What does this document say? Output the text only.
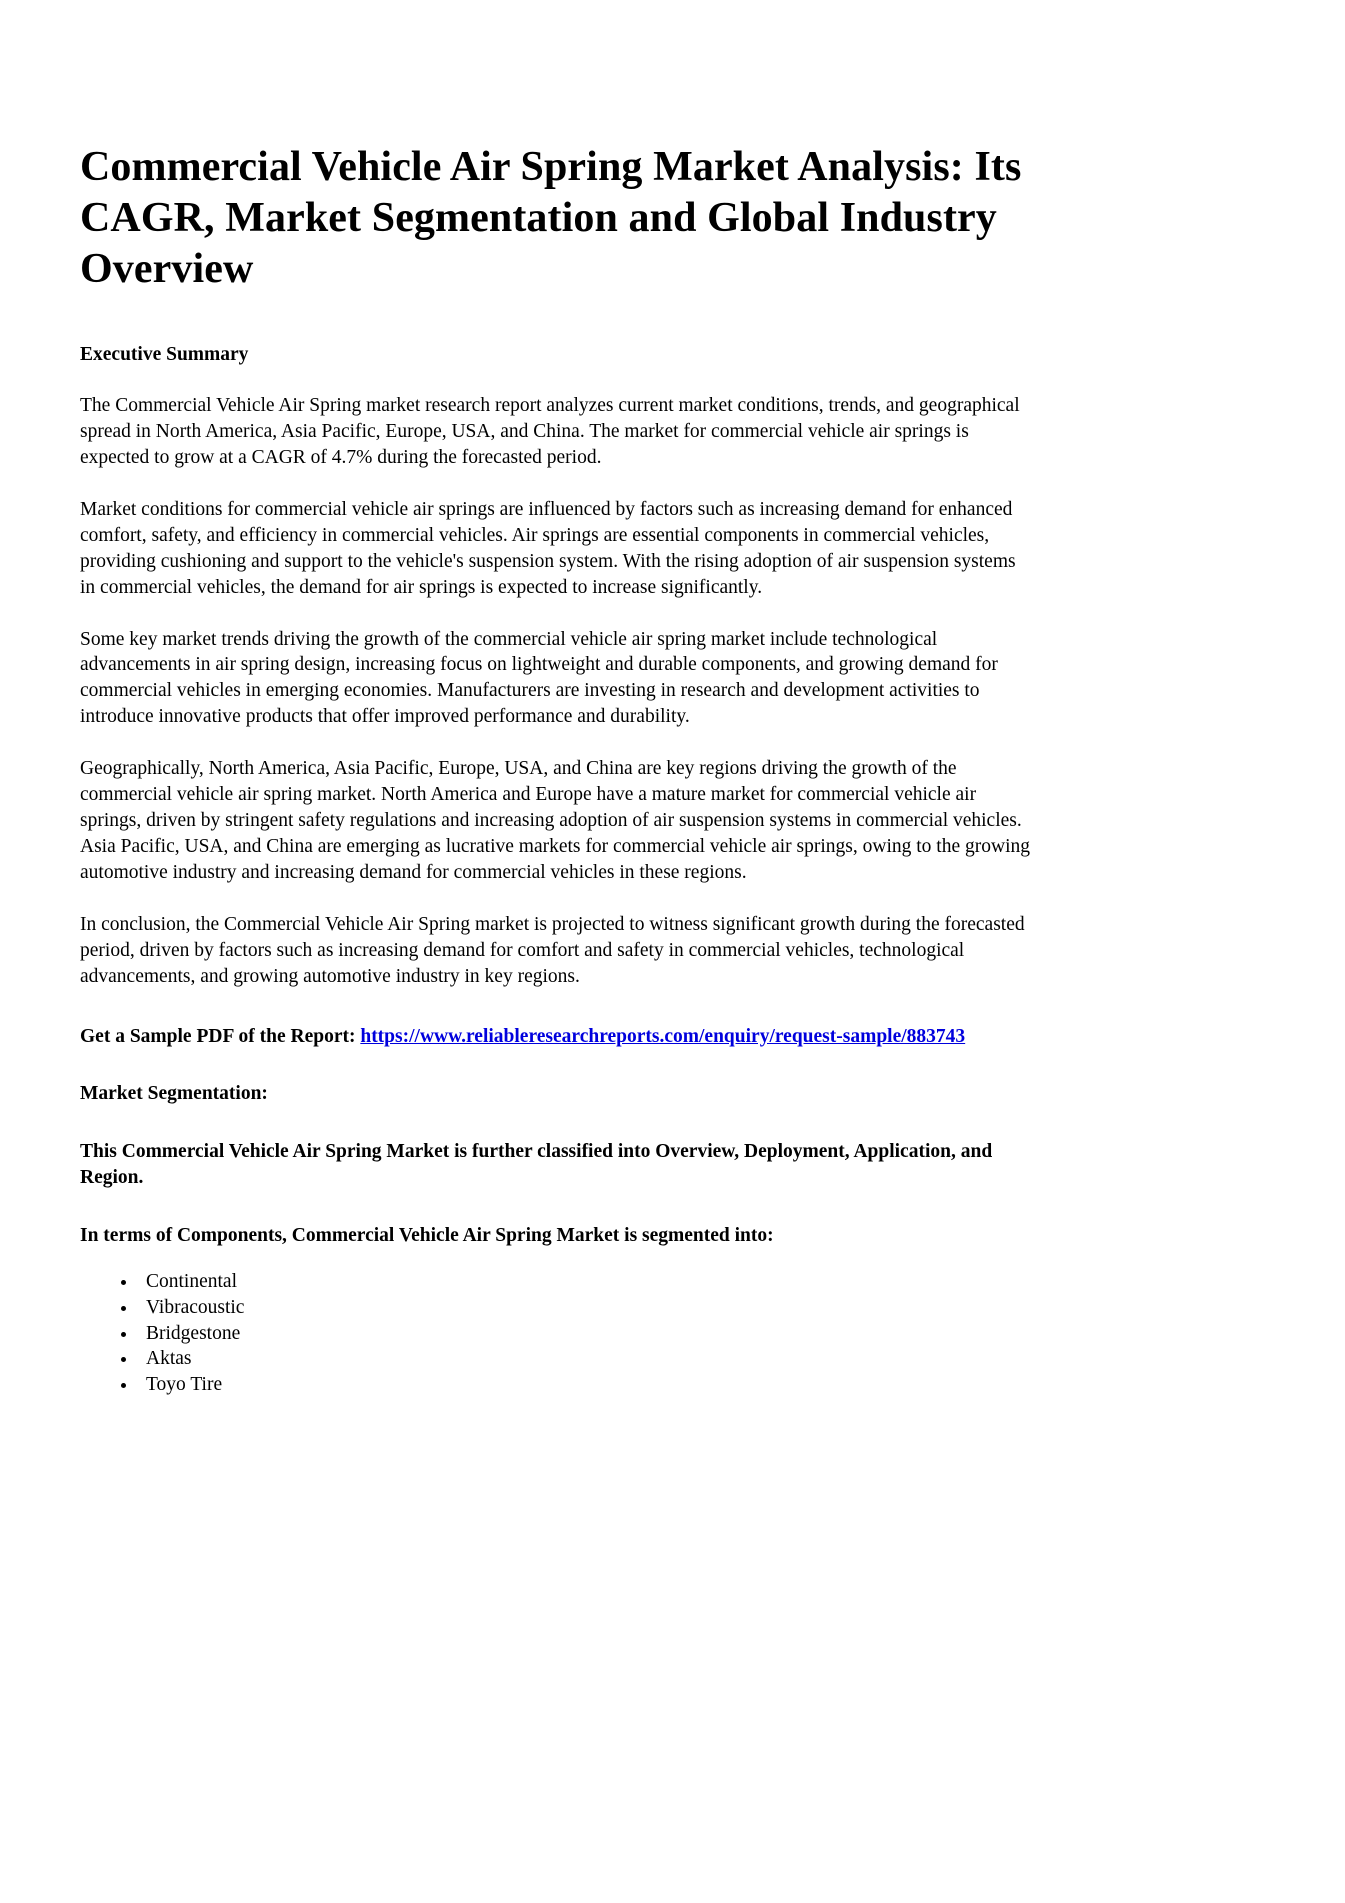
Commercial Vehicle Air Spring Market Analysis: Its CAGR, Market Segmentation and Global Industry Overview
Executive Summary

The Commercial Vehicle Air Spring market research report analyzes current market conditions, trends, and geographical spread in North America, Asia Pacific, Europe, USA, and China. The market for commercial vehicle air springs is expected to grow at a CAGR of 4.7% during the forecasted period.

Market conditions for commercial vehicle air springs are influenced by factors such as increasing demand for enhanced comfort, safety, and efficiency in commercial vehicles. Air springs are essential components in commercial vehicles, providing cushioning and support to the vehicle's suspension system. With the rising adoption of air suspension systems in commercial vehicles, the demand for air springs is expected to increase significantly.

Some key market trends driving the growth of the commercial vehicle air spring market include technological advancements in air spring design, increasing focus on lightweight and durable components, and growing demand for commercial vehicles in emerging economies. Manufacturers are investing in research and development activities to introduce innovative products that offer improved performance and durability.

Geographically, North America, Asia Pacific, Europe, USA, and China are key regions driving the growth of the commercial vehicle air spring market. North America and Europe have a mature market for commercial vehicle air springs, driven by stringent safety regulations and increasing adoption of air suspension systems in commercial vehicles. Asia Pacific, USA, and China are emerging as lucrative markets for commercial vehicle air springs, owing to the growing automotive industry and increasing demand for commercial vehicles in these regions.

In conclusion, the Commercial Vehicle Air Spring market is projected to witness significant growth during the forecasted period, driven by factors such as increasing demand for comfort and safety in commercial vehicles, technological advancements, and growing automotive industry in key regions.

Get a Sample PDF of the Report: https://www.reliableresearchreports.com/enquiry/request-sample/883743

Market Segmentation:

This Commercial Vehicle Air Spring Market is further classified into Overview, Deployment, Application, and Region.

In terms of Components, Commercial Vehicle Air Spring Market is segmented into:

• Continental
• Vibracoustic
• Bridgestone
• Aktas
• Toyo Tire
